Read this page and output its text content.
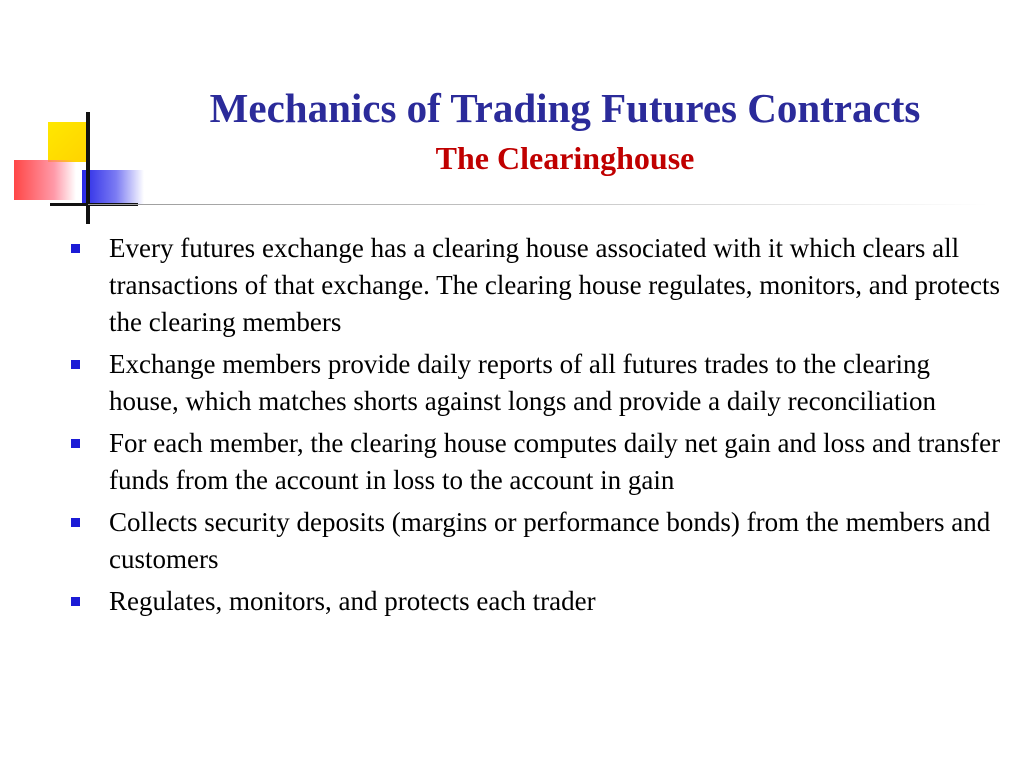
Mechanics of Trading Futures Contracts
The Clearinghouse
Every futures exchange has a clearing house associated with it which clears all transactions of that exchange. The clearing house regulates, monitors, and protects the clearing members
Exchange members provide daily reports of all futures trades to the clearing house, which matches shorts against longs and provide a daily reconciliation
For each member, the clearing house computes daily net gain and loss and transfer funds from the account in loss to the account in gain
Collects security deposits (margins or performance bonds) from the members and customers
Regulates, monitors, and protects each trader
